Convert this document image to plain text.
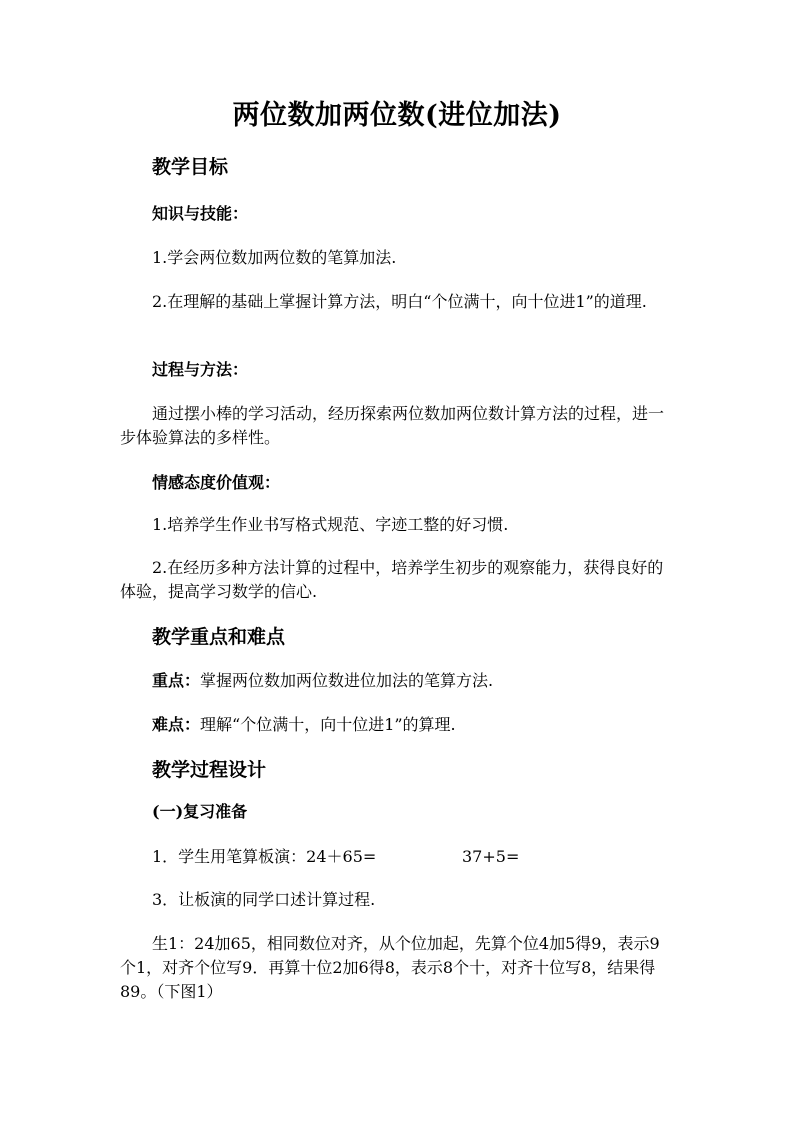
两位数加两位数(进位加法)
教学目标
知识与技能：
1.学会两位数加两位数的笔算加法.
2.在理解的基础上掌握计算方法，明白“个位满十，向十位进1”的道理.
过程与方法：
通过摆小棒的学习活动，经历探索两位数加两位数计算方法的过程，进一步体验算法的多样性。
情感态度价值观：
1.培养学生作业书写格式规范、字迹工整的好习惯.
2.在经历多种方法计算的过程中，培养学生初步的观察能力，获得良好的体验，提高学习数学的信心.
教学重点和难点
重点：掌握两位数加两位数进位加法的笔算方法.
难点：理解“个位满十，向十位进1”的算理.
教学过程设计
(一)复习准备
1．学生用笔算板演：24＋65=	37+5=
3．让板演的同学口述计算过程.
生1：24加65，相同数位对齐，从个位加起，先算个位4加5得9，表示9个1，对齐个位写9．再算十位2加6得8，表示8个十，对齐十位写8，结果得89。（下图1）
